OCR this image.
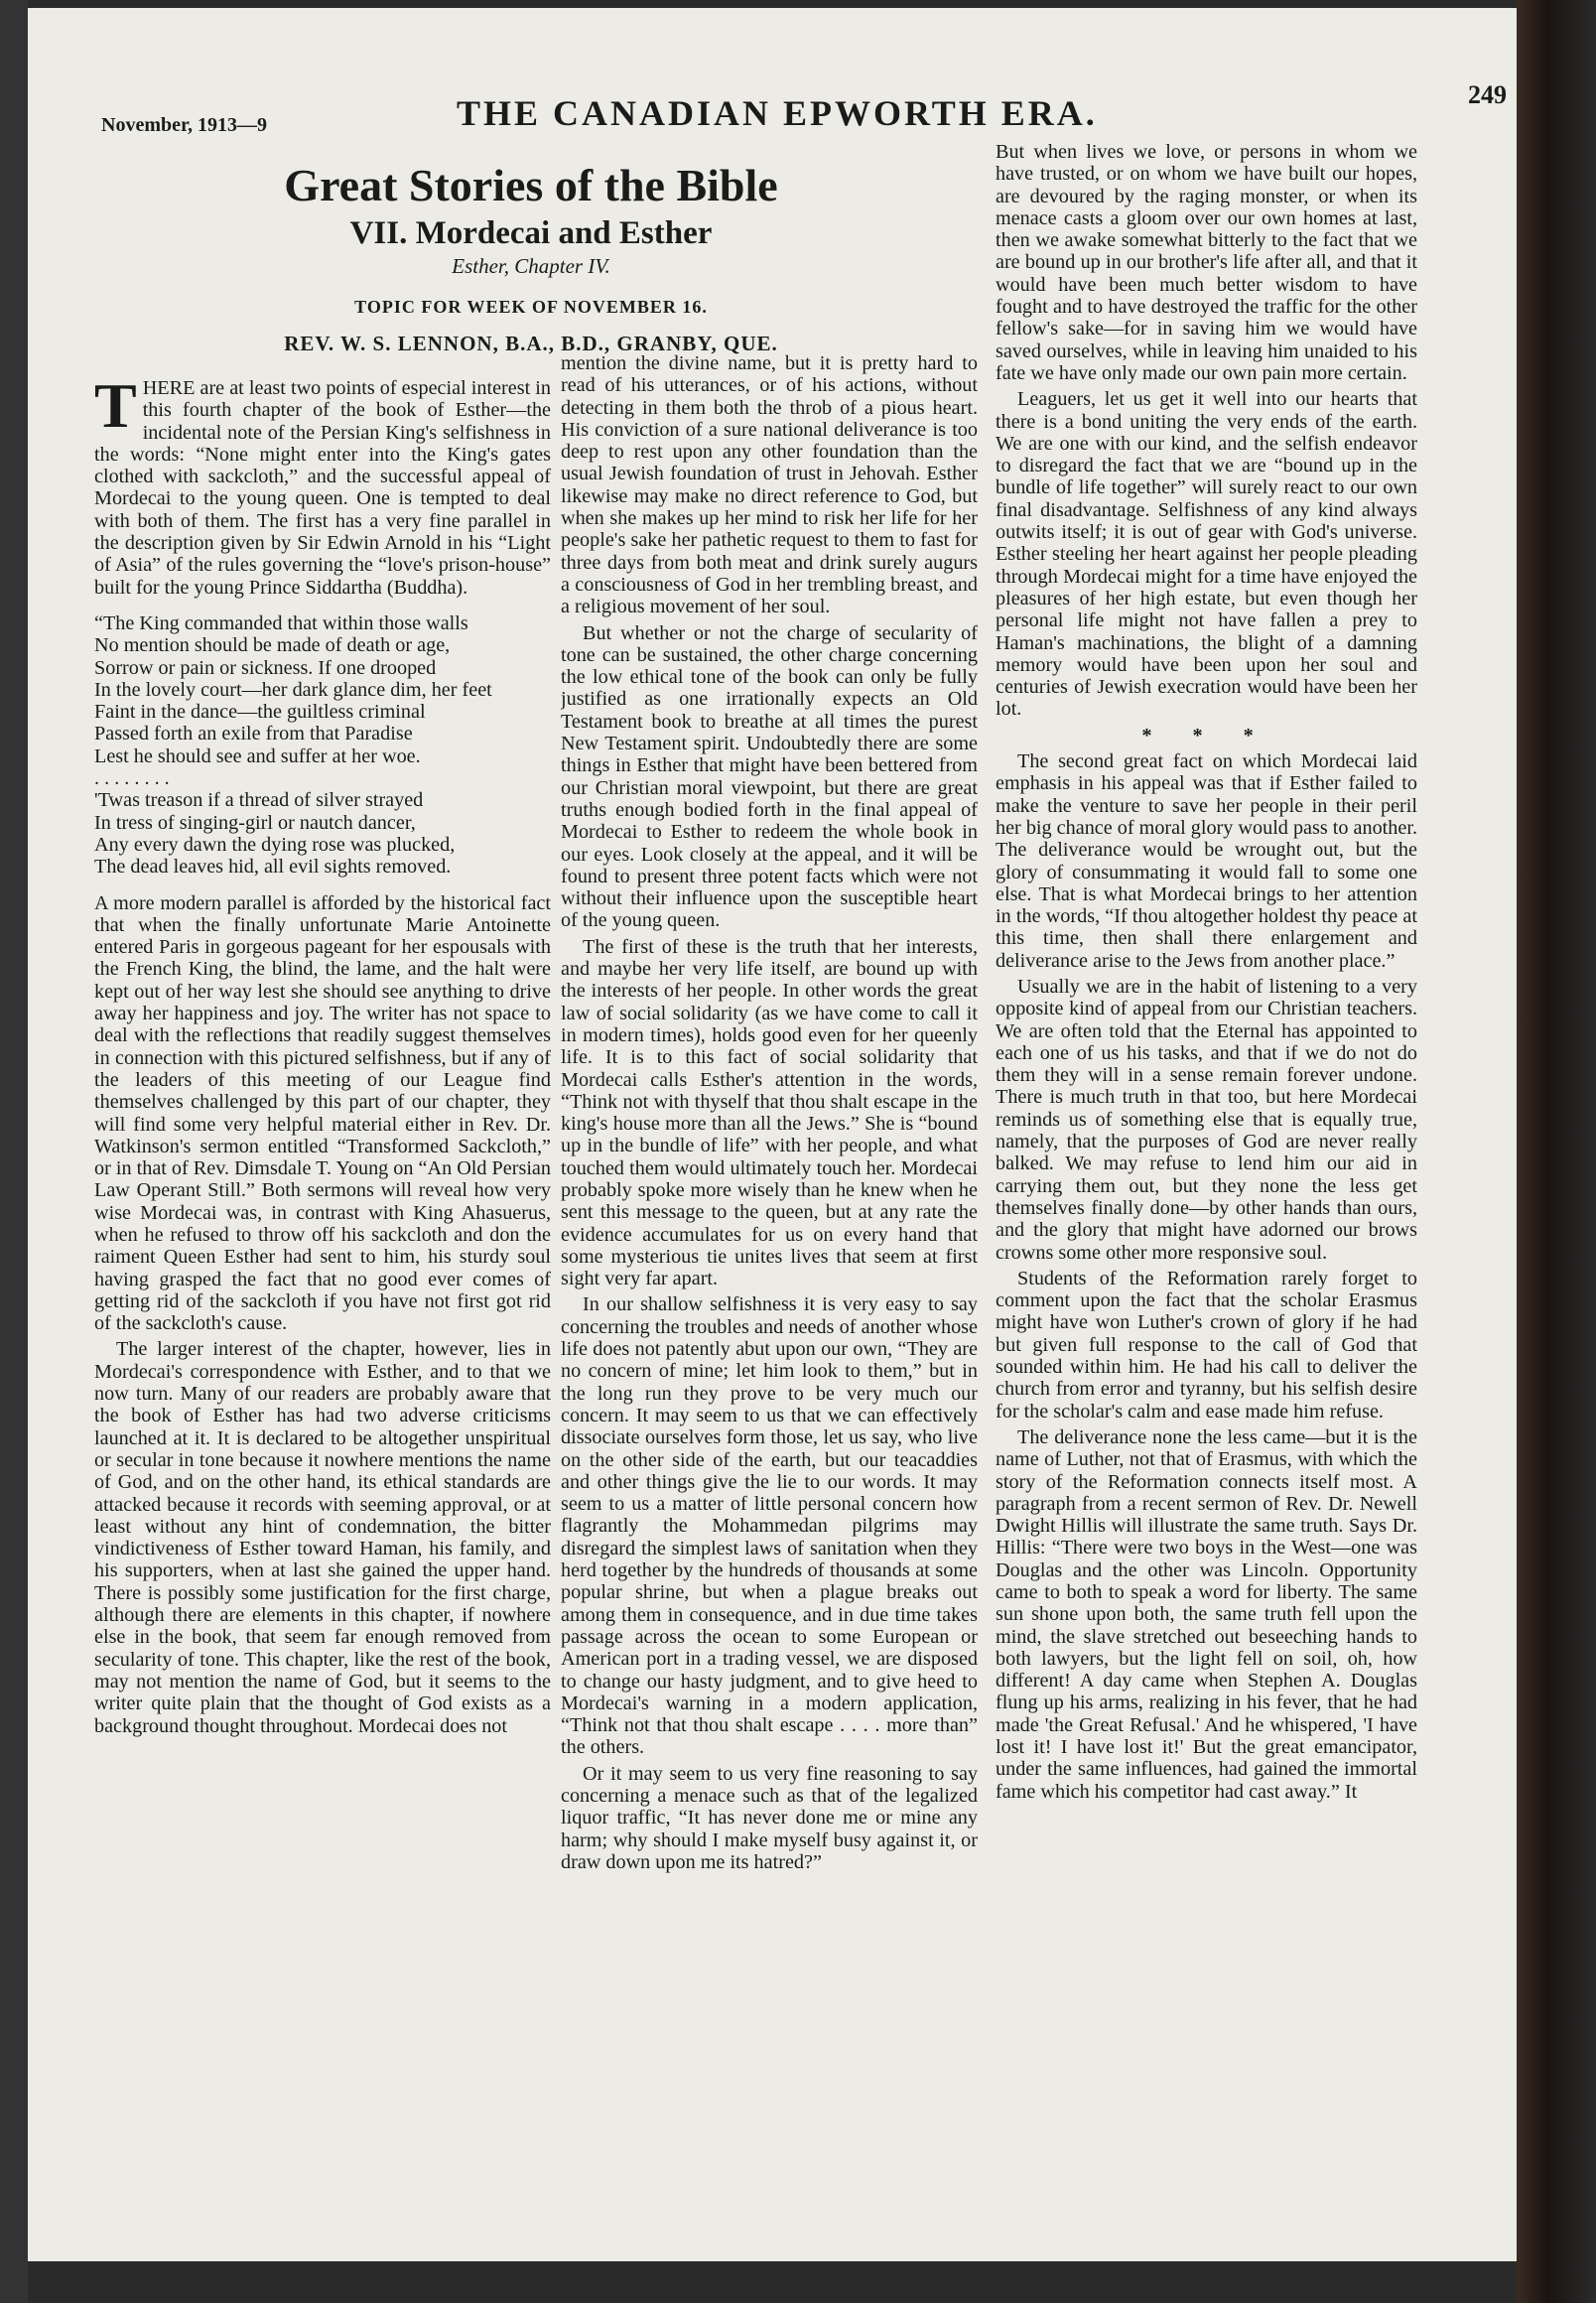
November, 1913—9	THE CANADIAN EPWORTH ERA.	249
Great Stories of the Bible
VII. Mordecai and Esther
Esther, Chapter IV.
TOPIC FOR WEEK OF NOVEMBER 16.
REV. W. S. LENNON, B.A., B.D., GRANBY, QUE.

THERE are at least two points of especial interest in this fourth chapter of the book of Esther—the incidental note of the Persian King's selfishness in the words: “None might enter into the King's gates clothed with sackcloth,” and the successful appeal of Mordecai to the young queen. One is tempted to deal with both of them. The first has a very fine parallel in the description given by Sir Edwin Arnold in his “Light of Asia” of the rules governing the “love's prison-house” built for the young Prince Siddartha (Buddha).

“The King commanded that within those walls
No mention should be made of death or age,
Sorrow or pain or sickness. If one drooped
In the lovely court—her dark glance dim, her feet
Faint in the dance—the guiltless criminal
Passed forth an exile from that Paradise
Lest he should see and suffer at her woe.
. . . . . . . .
'Twas treason if a thread of silver strayed
In tress of singing-girl or nautch dancer,
Any every dawn the dying rose was plucked,
The dead leaves hid, all evil sights removed.

A more modern parallel is afforded by the historical fact that when the finally unfortunate Marie Antoinette entered Paris in gorgeous pageant for her espousals with the French King, the blind, the lame, and the halt were kept out of her way lest she should see anything to drive away her happiness and joy. The writer has not space to deal with the reflections that readily suggest themselves in connection with this pictured selfishness, but if any of the leaders of this meeting of our League find themselves challenged by this part of our chapter, they will find some very helpful material either in Rev. Dr. Watkinson's sermon entitled “Transformed Sackcloth,” or in that of Rev. Dimsdale T. Young on “An Old Persian Law Operant Still.” Both sermons will reveal how very wise Mordecai was, in contrast with King Ahasuerus, when he refused to throw off his sackcloth and don the raiment Queen Esther had sent to him, his sturdy soul having grasped the fact that no good ever comes of getting rid of the sackcloth if you have not first got rid of the sackcloth's cause.

The larger interest of the chapter, however, lies in Mordecai's correspondence with Esther, and to that we now turn. Many of our readers are probably aware that the book of Esther has had two adverse criticisms launched at it. It is declared to be altogether unspiritual or secular in tone because it nowhere mentions the name of God, and on the other hand, its ethical standards are attacked because it records with seeming approval, or at least without any hint of condemnation, the bitter vindictiveness of Esther toward Haman, his family, and his supporters, when at last she gained the upper hand. There is possibly some justification for the first charge, although there are elements in this chapter, if nowhere else in the book, that seem far enough removed from secularity of tone. This chapter, like the rest of the book, may not mention the name of God, but it seems to the writer quite plain that the thought of God exists as a background thought throughout. Mordecai does not

mention the divine name, but it is pretty hard to read of his utterances, or of his actions, without detecting in them both the throb of a pious heart. His conviction of a sure national deliverance is too deep to rest upon any other foundation than the usual Jewish foundation of trust in Jehovah. Esther likewise may make no direct reference to God, but when she makes up her mind to risk her life for her people's sake her pathetic request to them to fast for three days from both meat and drink surely augurs a consciousness of God in her trembling breast, and a religious movement of her soul.

But whether or not the charge of secularity of tone can be sustained, the other charge concerning the low ethical tone of the book can only be fully justified as one irrationally expects an Old Testament book to breathe at all times the purest New Testament spirit. Undoubtedly there are some things in Esther that might have been bettered from our Christian moral viewpoint, but there are great truths enough bodied forth in the final appeal of Mordecai to Esther to redeem the whole book in our eyes. Look closely at the appeal, and it will be found to present three potent facts which were not without their influence upon the susceptible heart of the young queen.

The first of these is the truth that her interests, and maybe her very life itself, are bound up with the interests of her people. In other words the great law of social solidarity (as we have come to call it in modern times), holds good even for her queenly life. It is to this fact of social solidarity that Mordecai calls Esther's attention in the words, “Think not with thyself that thou shalt escape in the king's house more than all the Jews.” She is “bound up in the bundle of life” with her people, and what touched them would ultimately touch her. Mordecai probably spoke more wisely than he knew when he sent this message to the queen, but at any rate the evidence accumulates for us on every hand that some mysterious tie unites lives that seem at first sight very far apart.

In our shallow selfishness it is very easy to say concerning the troubles and needs of another whose life does not patently abut upon our own, “They are no concern of mine; let him look to them,” but in the long run they prove to be very much our concern. It may seem to us that we can effectively dissociate ourselves form those, let us say, who live on the other side of the earth, but our teacaddies and other things give the lie to our words. It may seem to us a matter of little personal concern how flagrantly the Mohammedan pilgrims may disregard the simplest laws of sanitation when they herd together by the hundreds of thousands at some popular shrine, but when a plague breaks out among them in consequence, and in due time takes passage across the ocean to some European or American port in a trading vessel, we are disposed to change our hasty judgment, and to give heed to Mordecai's warning in a modern application, “Think not that thou shalt escape . . . . more than” the others.

Or it may seem to us very fine reasoning to say concerning a menace such as that of the legalized liquor traffic, “It has never done me or mine any harm; why should I make myself busy against it, or draw down upon me its hatred?”

But when lives we love, or persons in whom we have trusted, or on whom we have built our hopes, are devoured by the raging monster, or when its menace casts a gloom over our own homes at last, then we awake somewhat bitterly to the fact that we are bound up in our brother's life after all, and that it would have been much better wisdom to have fought and to have destroyed the traffic for the other fellow's sake—for in saving him we would have saved ourselves, while in leaving him unaided to his fate we have only made our own pain more certain.

Leaguers, let us get it well into our hearts that there is a bond uniting the very ends of the earth. We are one with our kind, and the selfish endeavor to disregard the fact that we are “bound up in the bundle of life together” will surely react to our own final disadvantage. Selfishness of any kind always outwits itself; it is out of gear with God's universe. Esther steeling her heart against her people pleading through Mordecai might for a time have enjoyed the pleasures of her high estate, but even though her personal life might not have fallen a prey to Haman's machinations, the blight of a damning memory would have been upon her soul and centuries of Jewish execration would have been her lot.

* * *

The second great fact on which Mordecai laid emphasis in his appeal was that if Esther failed to make the venture to save her people in their peril her big chance of moral glory would pass to another. The deliverance would be wrought out, but the glory of consummating it would fall to some one else. That is what Mordecai brings to her attention in the words, “If thou altogether holdest thy peace at this time, then shall there enlargement and deliverance arise to the Jews from another place.”

Usually we are in the habit of listening to a very opposite kind of appeal from our Christian teachers. We are often told that the Eternal has appointed to each one of us his tasks, and that if we do not do them they will in a sense remain forever undone. There is much truth in that too, but here Mordecai reminds us of something else that is equally true, namely, that the purposes of God are never really balked. We may refuse to lend him our aid in carrying them out, but they none the less get themselves finally done—by other hands than ours, and the glory that might have adorned our brows crowns some other more responsive soul.

Students of the Reformation rarely forget to comment upon the fact that the scholar Erasmus might have won Luther's crown of glory if he had but given full response to the call of God that sounded within him. He had his call to deliver the church from error and tyranny, but his selfish desire for the scholar's calm and ease made him refuse.

The deliverance none the less came—but it is the name of Luther, not that of Erasmus, with which the story of the Reformation connects itself most. A paragraph from a recent sermon of Rev. Dr. Newell Dwight Hillis will illustrate the same truth. Says Dr. Hillis: “There were two boys in the West—one was Douglas and the other was Lincoln. Opportunity came to both to speak a word for liberty. The same sun shone upon both, the same truth fell upon the mind, the slave stretched out beseeching hands to both lawyers, but the light fell on soil, oh, how different! A day came when Stephen A. Douglas flung up his arms, realizing in his fever, that he had made 'the Great Refusal.' And he whispered, 'I have lost it! I have lost it!' But the great emancipator, under the same influences, had gained the immortal fame which his competitor had cast away.” It
